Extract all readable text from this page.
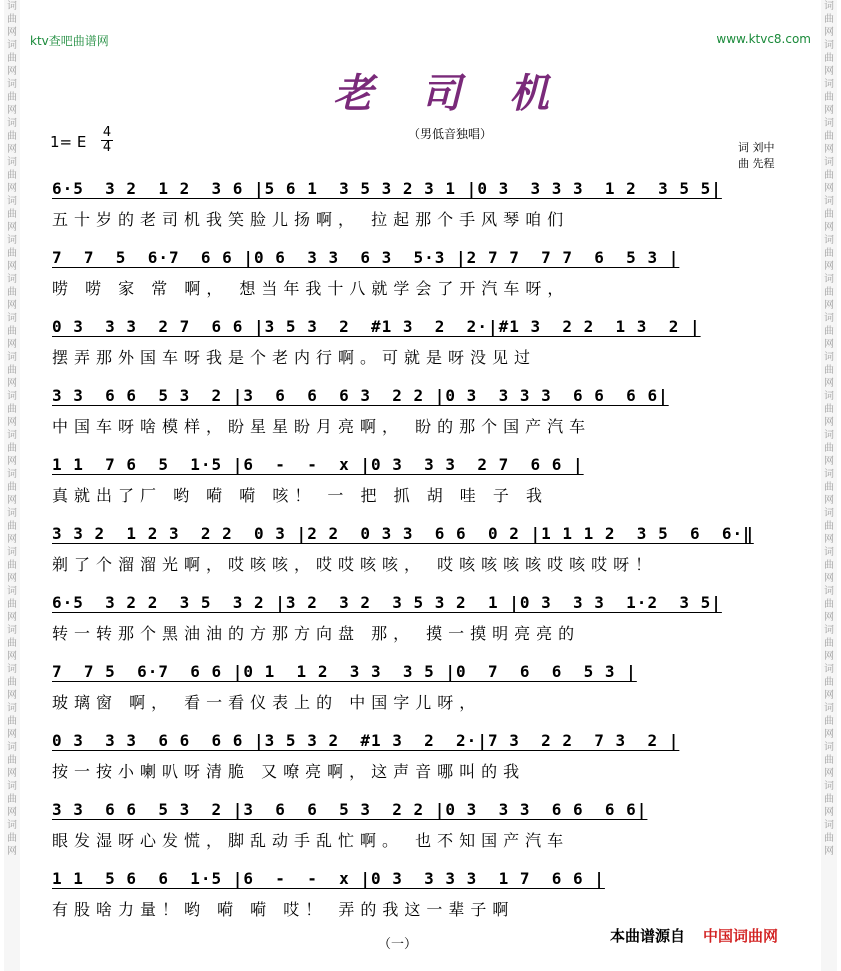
词曲网词曲网词曲网词曲网词曲网词曲网词曲网词曲网词曲网词曲网词曲网词曲网词曲网词曲网词曲网词曲网词曲网词曲网词曲网词曲网词曲网词曲网
词曲网词曲网词曲网词曲网词曲网词曲网词曲网词曲网词曲网词曲网词曲网词曲网词曲网词曲网词曲网词曲网词曲网词曲网词曲网词曲网词曲网词曲网
ktv查吧曲谱网	www.ktvc8.com
老司机
1= E
4
4
（男低音独唱）
词 刘中
曲 先程
6·5  3 2  1 2  3 6 |5 6 1  3 5 3 2 3 1 |0 3  3 3 3  1 2  3 5 5|
五十岁的老司机我笑脸儿扬啊， 拉起那个手风琴咱们
7  7  5  6·7  6 6 |0 6  3 3  6 3  5·3 |2 7 7  7 7  6  5 3 |
唠 唠 家 常 啊， 想当年我十八就学会了开汽车呀，
0 3  3 3  2 7  6 6 |3 5 3  2  #1 3  2  2·|#1 3  2 2  1 3  2 |
摆弄那外国车呀我是个老内行啊。可就是呀没见过
3 3  6 6  5 3  2 |3  6  6  6 3  2 2 |0 3  3 3 3  6 6  6 6|
中国车呀啥模样，盼星星盼月亮啊， 盼的那个国产汽车
1 1  7 6  5  1·5 |6  -  -  x |0 3  3 3  2 7  6 6 |
真就出了厂 哟 嗬 嗬 咳！ 一 把 抓 胡 哇 子 我
3 3 2  1 2 3  2 2  0 3 |2 2  0 3 3  6 6  0 2 |1 1 1 2  3 5  6  6·‖
剃了个溜溜光啊，哎咳咳，哎哎咳咳， 哎咳咳咳咳哎咳哎呀！
6·5  3 2 2  3 5  3 2 |3 2  3 2  3 5 3 2  1 |0 3  3 3  1·2  3 5|
转一转那个黑油油的方那方向盘 那， 摸一摸明亮亮的
7  7 5  6·7  6 6 |0 1  1 2  3 3  3 5 |0  7  6  6  5 3 |
玻璃窗 啊， 看一看仪表上的 中国字儿呀，
0 3  3 3  6 6  6 6 |3 5 3 2  #1 3  2  2·|7 3  2 2  7 3  2 |
按一按小喇叭呀清脆 又嘹亮啊，这声音哪叫的我
3 3  6 6  5 3  2 |3  6  6  5 3  2 2 |0 3  3 3  6 6  6 6|
眼发湿呀心发慌，脚乱动手乱忙啊。 也不知国产汽车
1 1  5 6  6  1·5 |6  -  -  x |0 3  3 3 3  1 7  6 6 |
有股啥力量！哟 嗬 嗬 哎！ 弄的我这一辈子啊
（一）	本曲谱源自 中国词曲网
